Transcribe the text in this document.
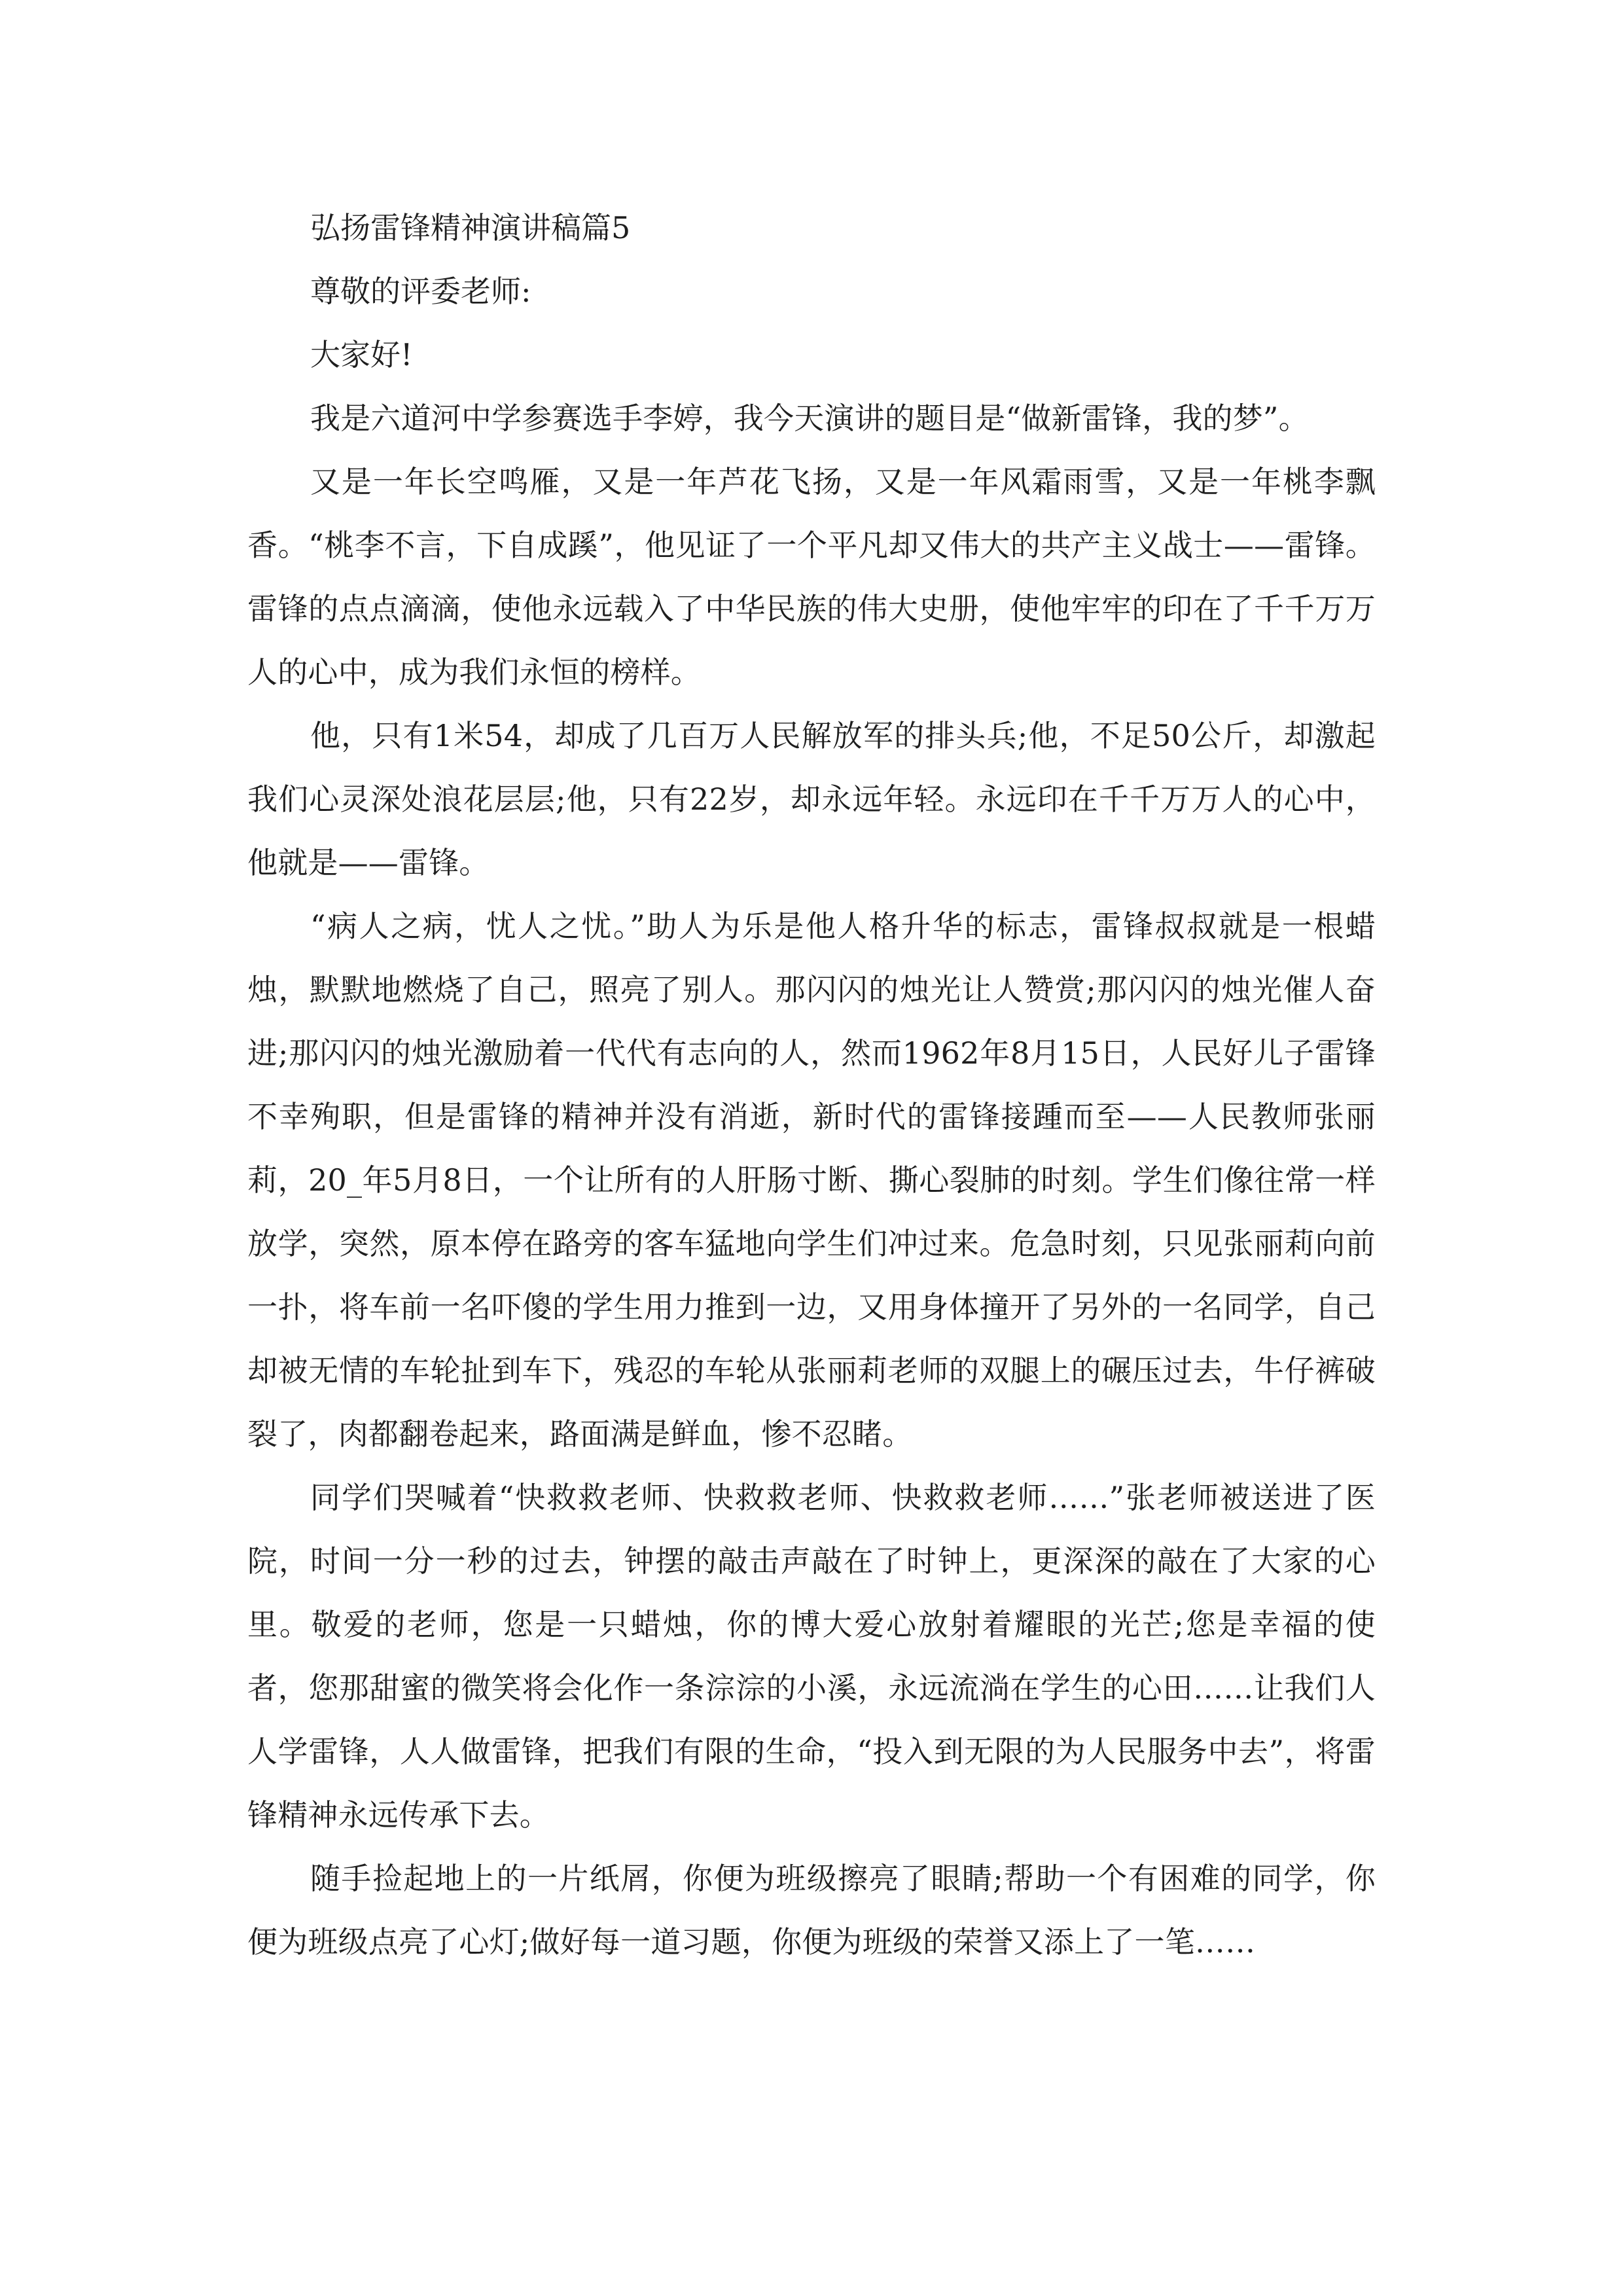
弘扬雷锋精神演讲稿篇5

尊敬的评委老师:

大家好!

我是六道河中学参赛选手李婷，我今天演讲的题目是“做新雷锋，我的梦”。

又是一年长空鸣雁，又是一年芦花飞扬，又是一年风霜雨雪，又是一年桃李飘香。“桃李不言，下自成蹊”，他见证了一个平凡却又伟大的共产主义战士——雷锋。雷锋的点点滴滴，使他永远载入了中华民族的伟大史册，使他牢牢的印在了千千万万人的心中，成为我们永恒的榜样。

他，只有1米54，却成了几百万人民解放军的排头兵;他，不足50公斤，却激起我们心灵深处浪花层层;他，只有22岁，却永远年轻。永远印在千千万万人的心中，他就是——雷锋。

“病人之病，忧人之忧。”助人为乐是他人格升华的标志，雷锋叔叔就是一根蜡烛，默默地燃烧了自己，照亮了别人。那闪闪的烛光让人赞赏;那闪闪的烛光催人奋进;那闪闪的烛光激励着一代代有志向的人，然而1962年8月15日，人民好儿子雷锋不幸殉职，但是雷锋的精神并没有消逝，新时代的雷锋接踵而至——人民教师张丽莉，20_年5月8日，一个让所有的人肝肠寸断、撕心裂肺的时刻。学生们像往常一样放学，突然，原本停在路旁的客车猛地向学生们冲过来。危急时刻，只见张丽莉向前一扑，将车前一名吓傻的学生用力推到一边，又用身体撞开了另外的一名同学，自己却被无情的车轮扯到车下，残忍的车轮从张丽莉老师的双腿上的碾压过去，牛仔裤破裂了，肉都翻卷起来，路面满是鲜血，惨不忍睹。

同学们哭喊着“快救救老师、快救救老师、快救救老师……”张老师被送进了医院，时间一分一秒的过去，钟摆的敲击声敲在了时钟上，更深深的敲在了大家的心里。敬爱的老师，您是一只蜡烛，你的博大爱心放射着耀眼的光芒;您是幸福的使者，您那甜蜜的微笑将会化作一条淙淙的小溪，永远流淌在学生的心田……让我们人人学雷锋，人人做雷锋，把我们有限的生命，“投入到无限的为人民服务中去”，将雷锋精神永远传承下去。

随手捡起地上的一片纸屑，你便为班级擦亮了眼睛;帮助一个有困难的同学，你便为班级点亮了心灯;做好每一道习题，你便为班级的荣誉又添上了一笔……
